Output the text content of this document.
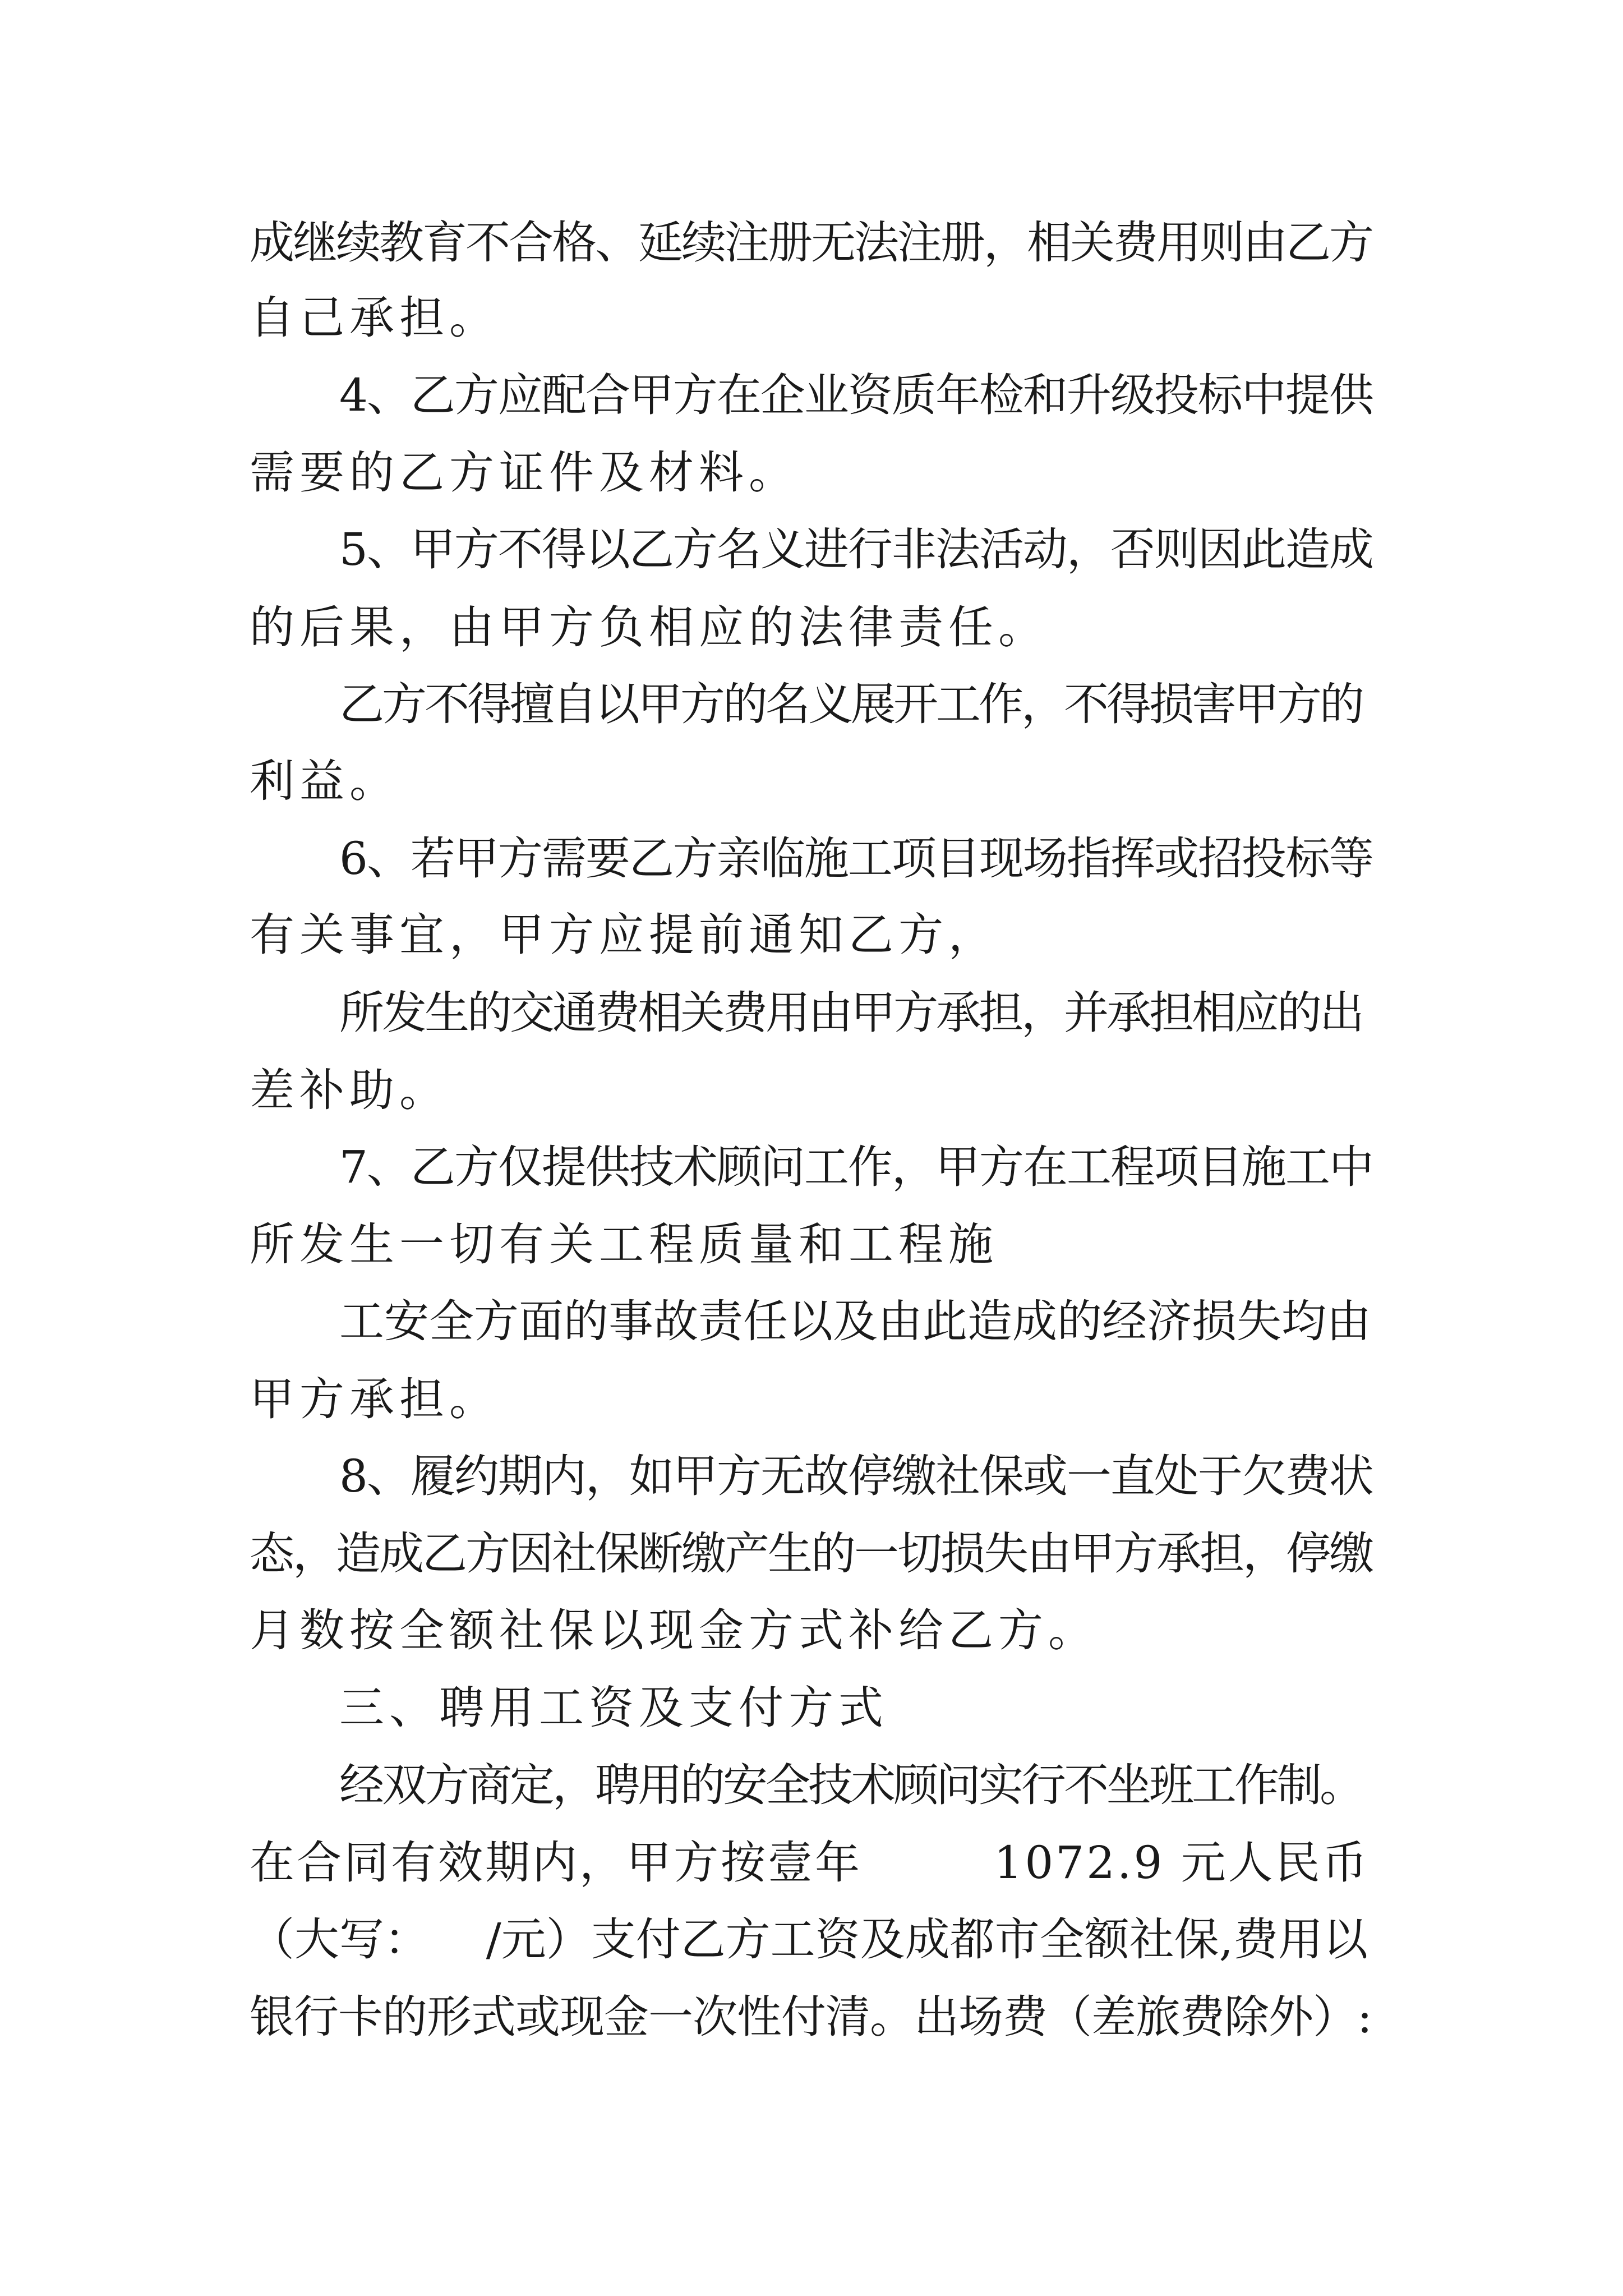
成继续教育不合格、延续注册无法注册，相关费用则由乙方
自己承担。
4、乙方应配合甲方在企业资质年检和升级投标中提供
需要的乙方证件及材料。
5、甲方不得以乙方名义进行非法活动，否则因此造成
的后果，由甲方负相应的法律责任。
乙方不得擅自以甲方的名义展开工作，不得损害甲方的
利益。
6、若甲方需要乙方亲临施工项目现场指挥或招投标等
有关事宜，甲方应提前通知乙方，
所发生的交通费相关费用由甲方承担，并承担相应的出
差补助。
7、乙方仅提供技术顾问工作，甲方在工程项目施工中
所发生一切有关工程质量和工程施
工安全方面的事故责任以及由此造成的经济损失均由
甲方承担。
8、履约期内，如甲方无故停缴社保或一直处于欠费状
态，造成乙方因社保断缴产生的一切损失由甲方承担，停缴
月数按全额社保以现金方式补给乙方。
三、聘用工资及支付方式
经双方商定，聘用的安全技术顾问实行不坐班工作制。
在合同有效期内，甲方按壹年        1072.9 元人民币
（大写：    /元）支付乙方工资及成都市全额社保,费用以
银行卡的形式或现金一次性付清。出场费（差旅费除外）:
